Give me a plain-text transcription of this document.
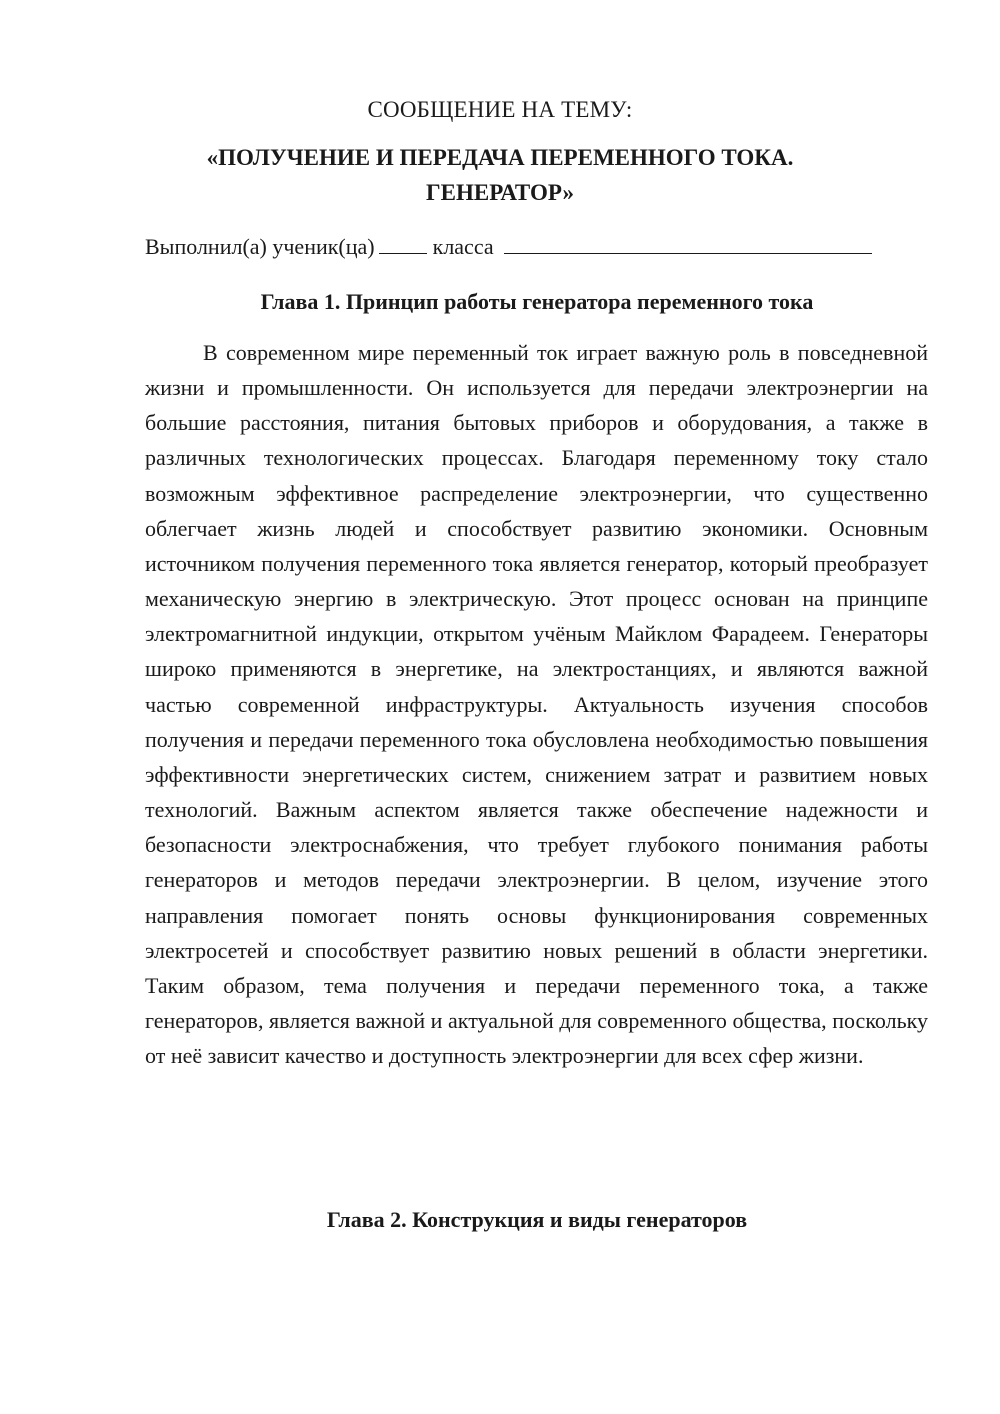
СООБЩЕНИЕ НА ТЕМУ:
«ПОЛУЧЕНИЕ И ПЕРЕДАЧА ПЕРЕМЕННОГО ТОКА. ГЕНЕРАТОР»
Выполнил(а) ученик(ца)	класса
Глава 1. Принцип работы генератора переменного тока

В современном мире переменный ток играет важную роль в повседневной жизни и промышленности. Он используется для передачи электроэнергии на большие расстояния, питания бытовых приборов и оборудования, а также в различных технологических процессах. Благодаря переменному току стало возможным эффективное распределение электроэнергии, что существенно облегчает жизнь людей и способствует развитию экономики. Основным источником получения переменного тока является генератор, который преобразует механическую энергию в электрическую. Этот процесс основан на принципе электромагнитной индукции, открытом учёным Майклом Фарадеем. Генераторы широко применяются в энергетике, на электростанциях, и являются важной частью современной инфраструктуры. Актуальность изучения способов получения и передачи переменного тока обусловлена необходимостью повышения эффективности энергетических систем, снижением затрат и развитием новых технологий. Важным аспектом является также обеспечение надежности и безопасности электроснабжения, что требует глубокого понимания работы генераторов и методов передачи электроэнергии. В целом, изучение этого направления помогает понять основы функционирования современных электросетей и способствует развитию новых решений в области энергетики. Таким образом, тема получения и передачи переменного тока, а также генераторов, является важной и актуальной для современного общества, поскольку от неё зависит качество и доступность электроэнергии для всех сфер жизни.

Глава 2. Конструкция и виды генераторов
